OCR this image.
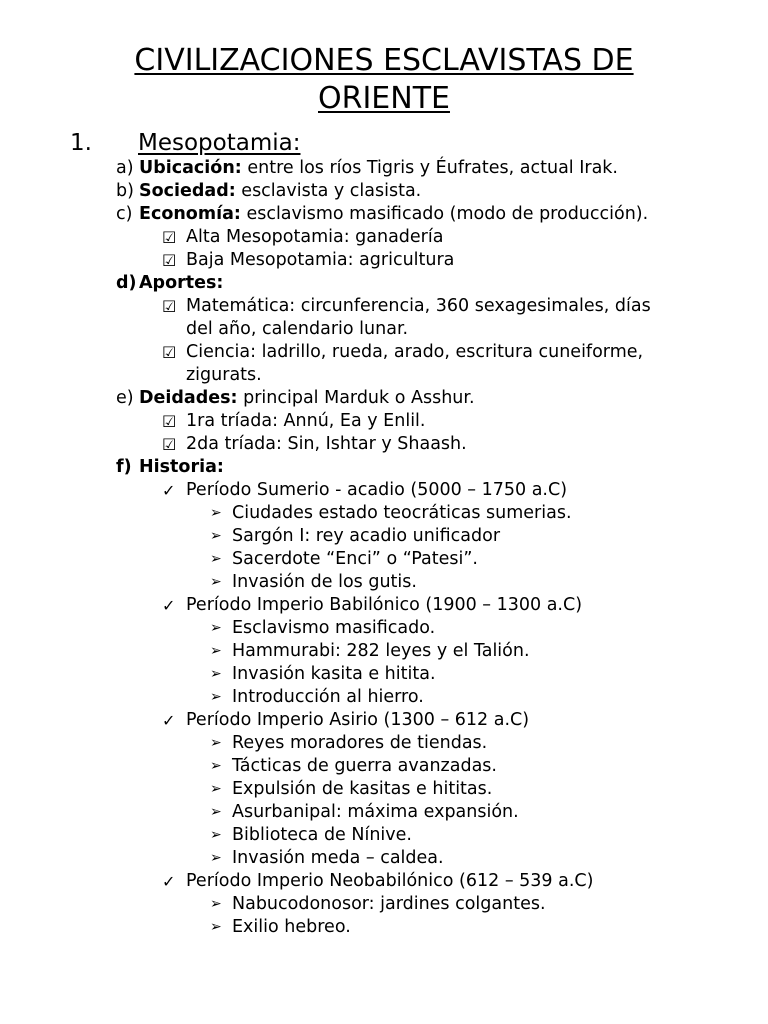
CIVILIZACIONES ESCLAVISTAS DE
ORIENTE
1. Mesopotamia:
a) Ubicación: entre los ríos Tigris y Éufrates, actual Irak.
b) Sociedad: esclavista y clasista.
c) Economía: esclavismo masificado (modo de producción).
☑ Alta Mesopotamia: ganadería
☑ Baja Mesopotamia: agricultura
d) Aportes:
☑ Matemática: circunferencia, 360 sexagesimales, días
del año, calendario lunar.
☑ Ciencia: ladrillo, rueda, arado, escritura cuneiforme,
zigurats.
e) Deidades: principal Marduk o Asshur.
☑ 1ra tríada: Annú, Ea y Enlil.
☑ 2da tríada: Sin, Ishtar y Shaash.
f) Historia:
✓ Período Sumerio - acadio (5000 – 1750 a.C)
➢ Ciudades estado teocráticas sumerias.
➢ Sargón I: rey acadio unificador
➢ Sacerdote “Enci” o “Patesi”.
➢ Invasión de los gutis.
✓ Período Imperio Babilónico (1900 – 1300 a.C)
➢ Esclavismo masificado.
➢ Hammurabi: 282 leyes y el Talión.
➢ Invasión kasita e hitita.
➢ Introducción al hierro.
✓ Período Imperio Asirio (1300 – 612 a.C)
➢ Reyes moradores de tiendas.
➢ Tácticas de guerra avanzadas.
➢ Expulsión de kasitas e hititas.
➢ Asurbanipal: máxima expansión.
➢ Biblioteca de Nínive.
➢ Invasión meda – caldea.
✓ Período Imperio Neobabilónico (612 – 539 a.C)
➢ Nabucodonosor: jardines colgantes.
➢ Exilio hebreo.
